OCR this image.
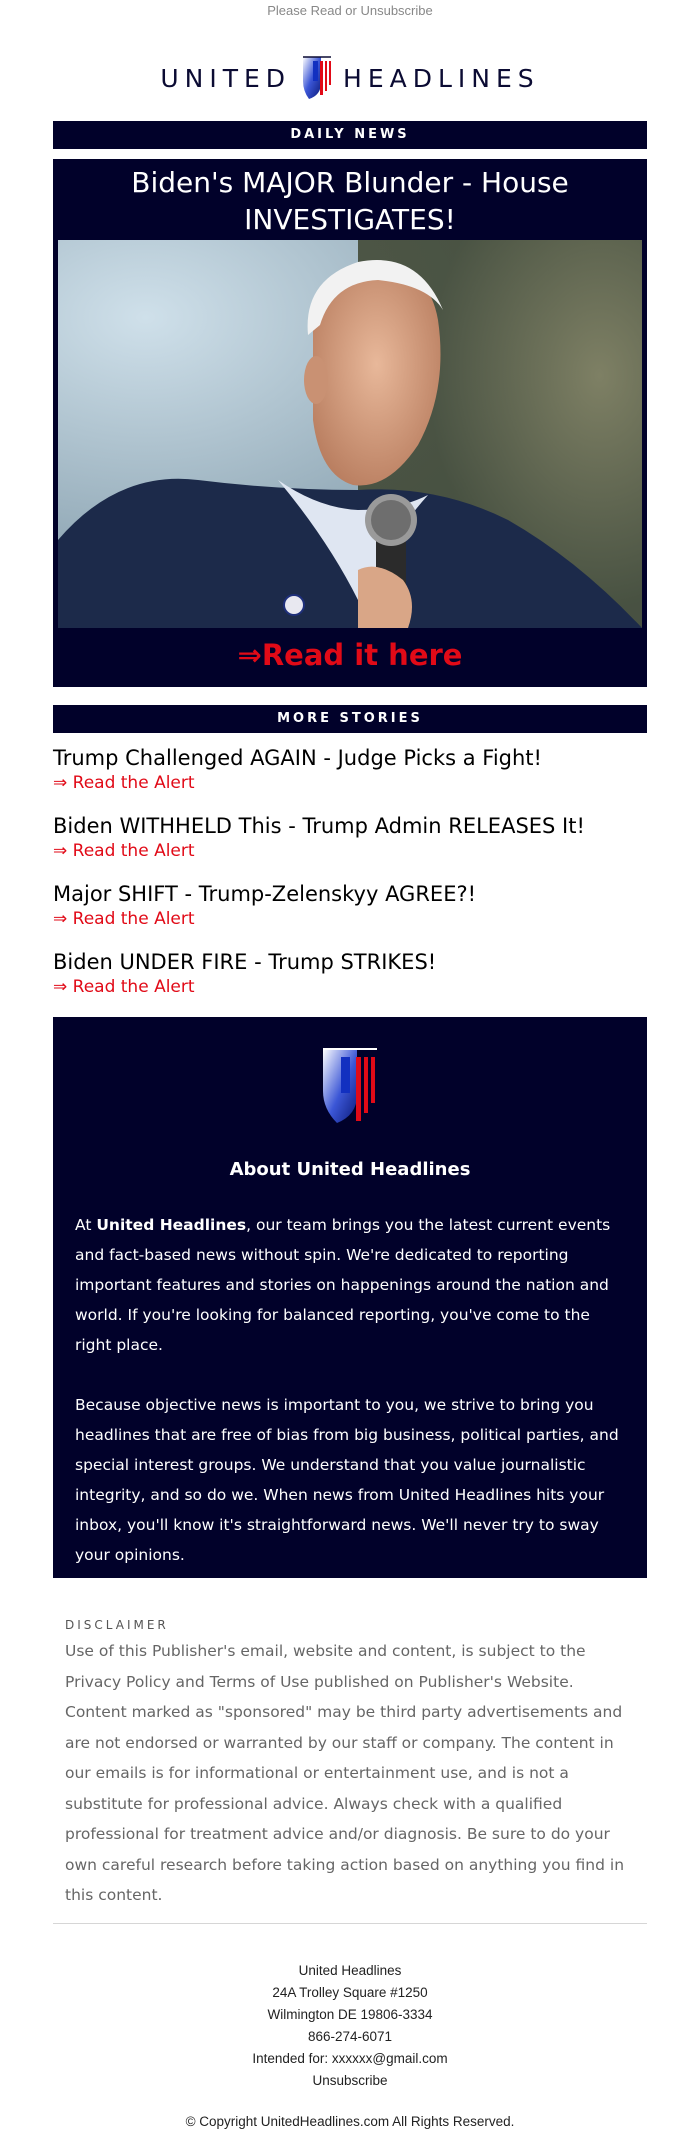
Please Read or Unsubscribe
UNITED HEADLINES
DAILY NEWS
Biden's MAJOR Blunder - House INVESTIGATES!
⇒Read it here
MORE STORIES
Trump Challenged AGAIN - Judge Picks a Fight!
⇒ Read the Alert
Biden WITHHELD This - Trump Admin RELEASES It!
⇒ Read the Alert
Major SHIFT - Trump-Zelenskyy AGREE?!
⇒ Read the Alert
Biden UNDER FIRE - Trump STRIKES!
⇒ Read the Alert
About United Headlines

At United Headlines, our team brings you the latest current events and fact-based news without spin. We're dedicated to reporting important features and stories on happenings around the nation and world. If you're looking for balanced reporting, you've come to the right place.

Because objective news is important to you, we strive to bring you headlines that are free of bias from big business, political parties, and special interest groups. We understand that you value journalistic integrity, and so do we. When news from United Headlines hits your inbox, you'll know it's straightforward news. We'll never try to sway your opinions.

DISCLAIMER
Use of this Publisher's email, website and content, is subject to the Privacy Policy and Terms of Use published on Publisher's Website. Content marked as "sponsored" may be third party advertisements and are not endorsed or warranted by our staff or company. The content in our emails is for informational or entertainment use, and is not a substitute for professional advice. Always check with a qualified professional for treatment advice and/or diagnosis. Be sure to do your own careful research before taking action based on anything you find in this content.
United Headlines
24A Trolley Square #1250
Wilmington DE 19806-3334
866-274-6071
Intended for: xxxxxx@gmail.com
Unsubscribe
© Copyright UnitedHeadlines.com All Rights Reserved.
